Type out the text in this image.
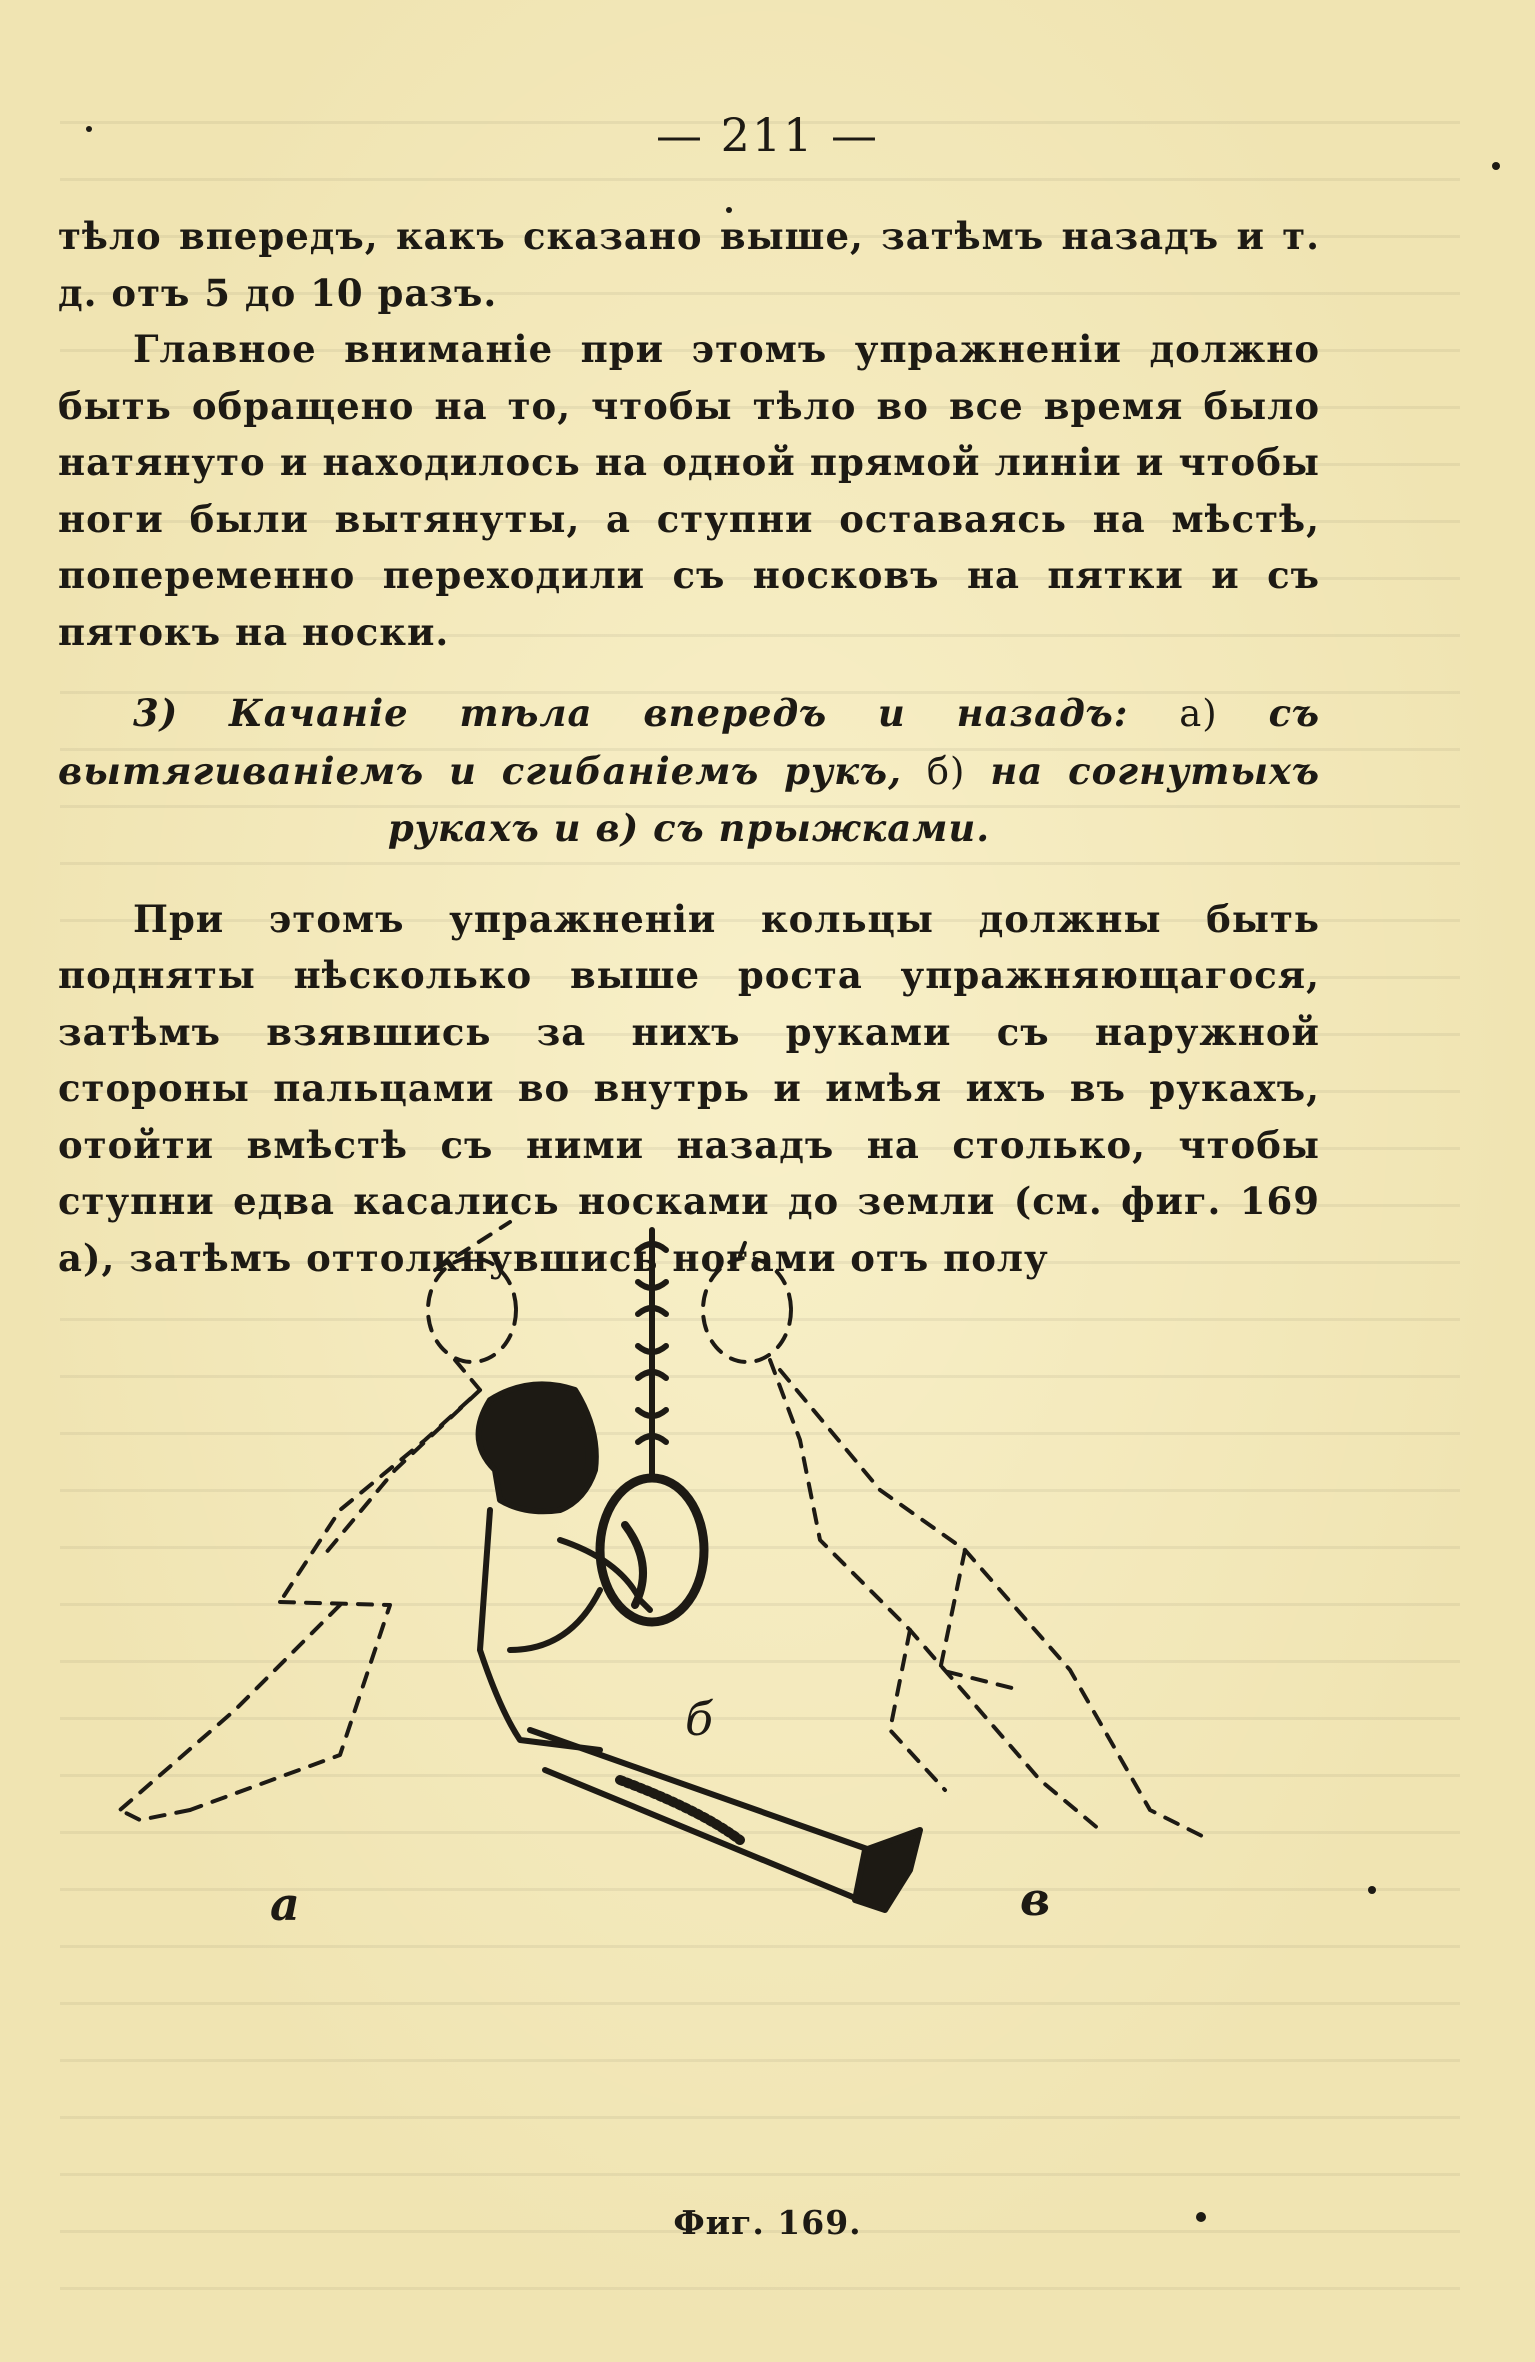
— 211 —

тѣло впередъ, какъ сказано выше, затѣмъ назадъ и т. д. отъ 5 до 10 разъ.

Главное вниманіе при этомъ упражненіи должно быть обращено на то, чтобы тѣло во все время было натянуто и находилось на одной прямой линіи и чтобы ноги были вытянуты, а ступни оставаясь на мѣстѣ, попеременно переходили съ носковъ на пятки и съ пятокъ на носки.

3) Качаніе тѣла впередъ и назадъ: а) съ вытягиваніемъ и сгибаніемъ рукъ, б) на согнутыхъ рукахъ и в) съ прыжками.

При этомъ упражненіи кольцы должны быть подняты нѣсколько выше роста упражняющагося, затѣмъ взявшись за нихъ руками съ наружной стороны пальцами во внутрь и имѣя ихъ въ рукахъ, отойти вмѣстѣ съ ними назадъ на столько, чтобы ступни едва касались носками до земли (см. фиг. 169 а), затѣмъ оттолкнувшись ногами отъ полу

а
б
в
Фиг. 169.
